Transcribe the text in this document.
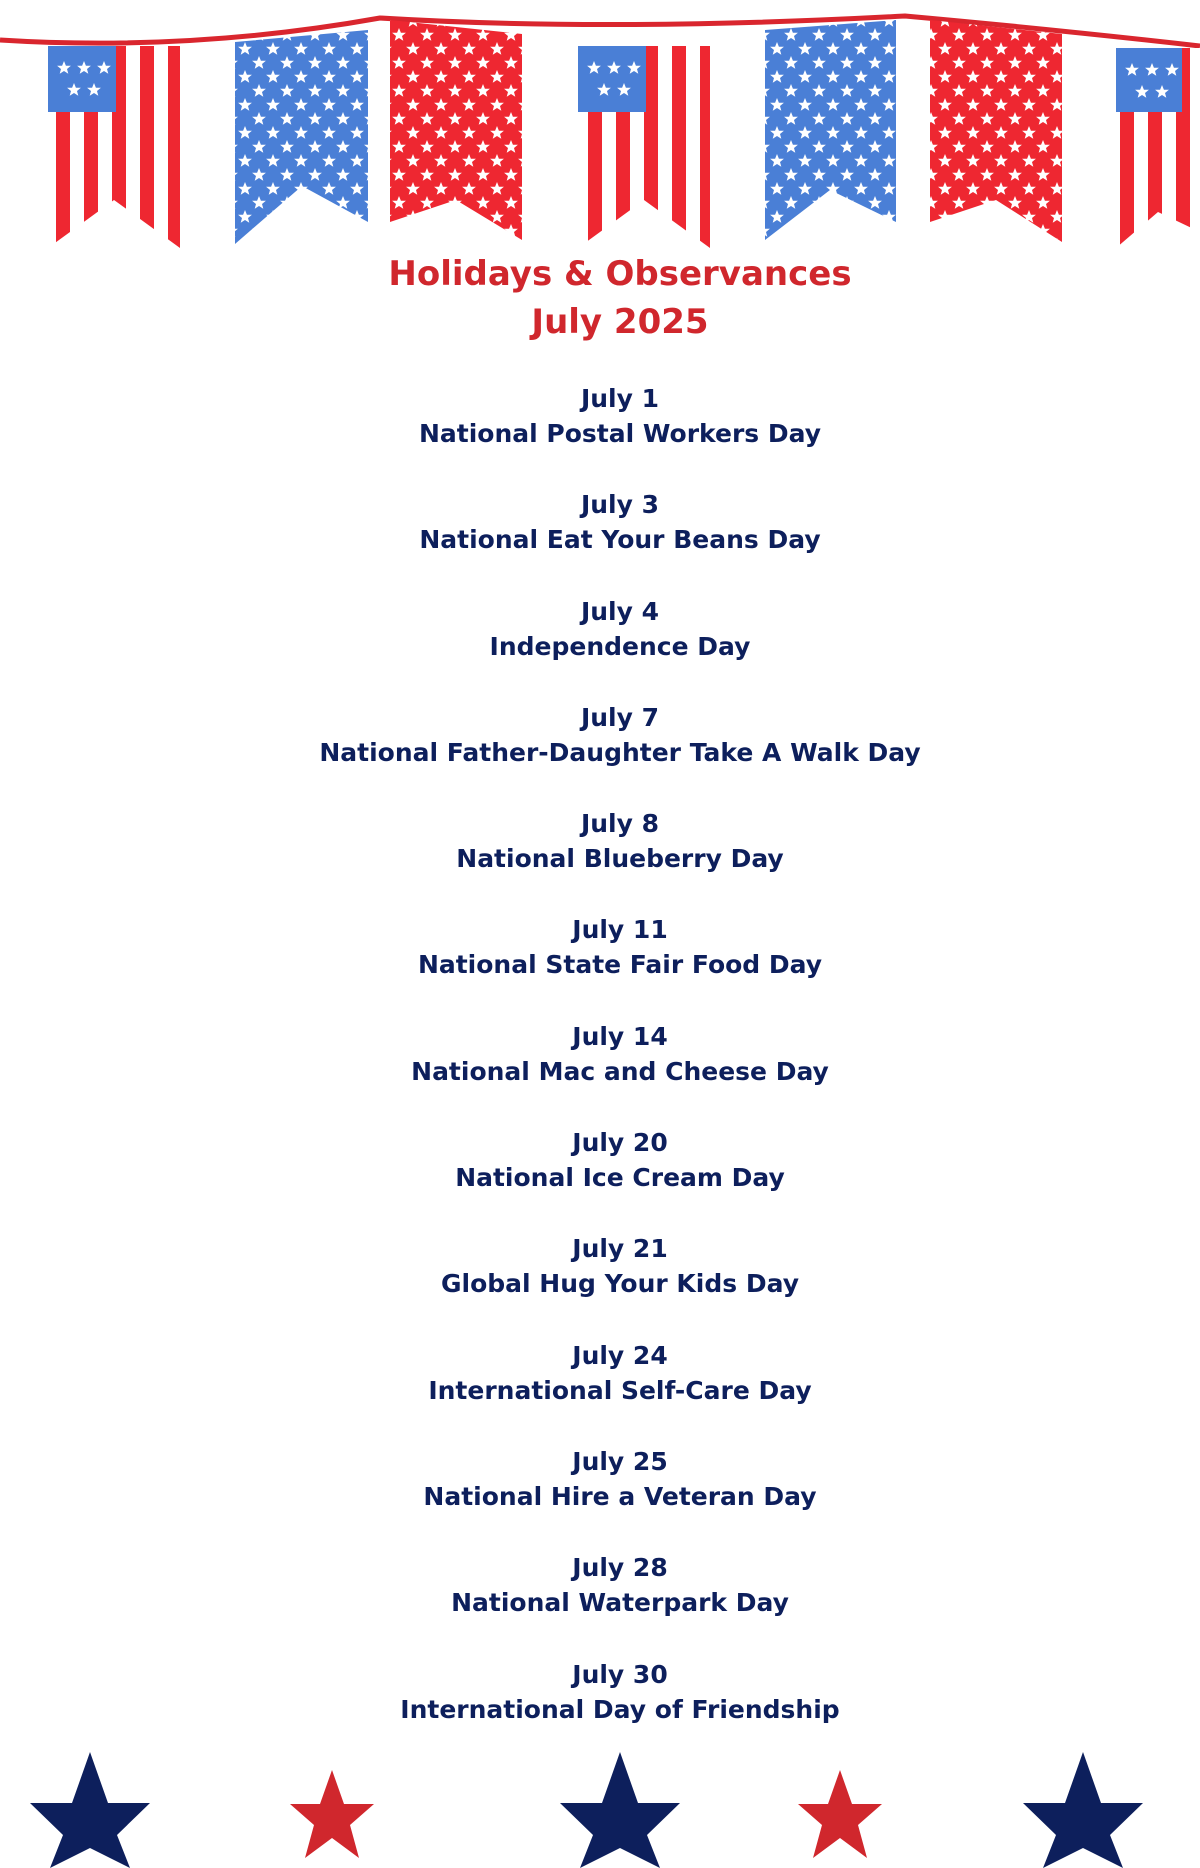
Holidays & Observances
July 2025
July 1
National Postal Workers Day
July 3
National Eat Your Beans Day
July 4
Independence Day
July 7
National Father-Daughter Take A Walk Day
July 8
National Blueberry Day
July 11
National State Fair Food Day
July 14
National Mac and Cheese Day
July 20
National Ice Cream Day
July 21
Global Hug Your Kids Day
July 24
International Self-Care Day
July 25
National Hire a Veteran Day
July 28
National Waterpark Day
July 30
International Day of Friendship
